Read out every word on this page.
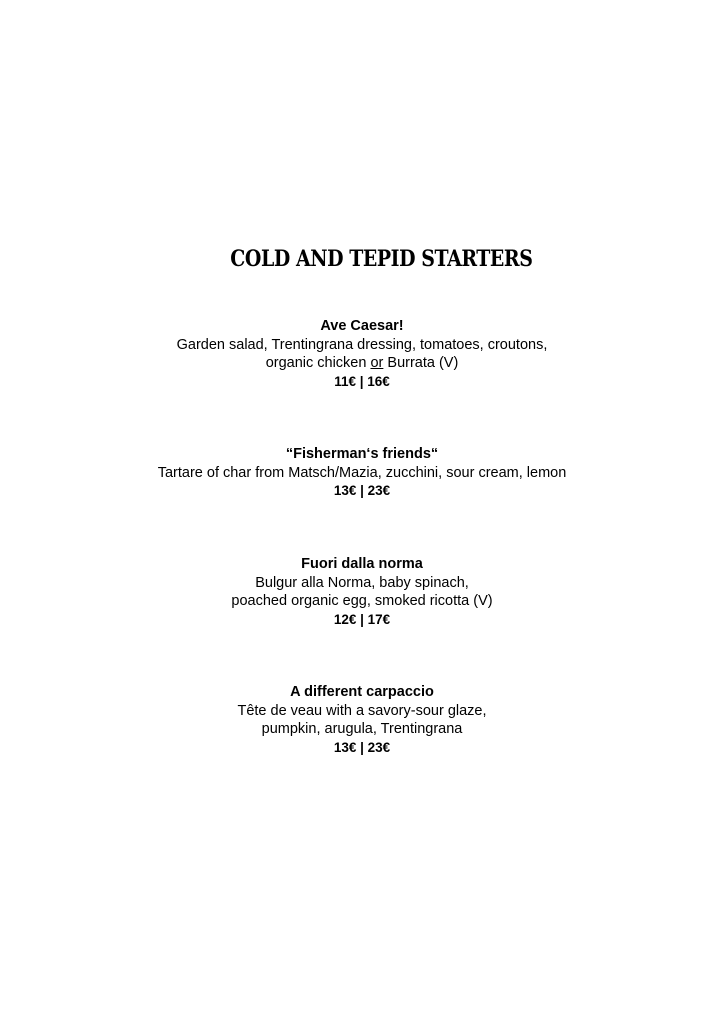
COLD AND TEPID STARTERS
Ave Caesar!
Garden salad, Trentingrana dressing, tomatoes, croutons,
organic chicken or Burrata (V)
11€ | 16€
“Fisherman‘s friends“
Tartare of char from Matsch/Mazia, zucchini, sour cream, lemon
13€ | 23€
Fuori dalla norma
Bulgur alla Norma, baby spinach,
poached organic egg, smoked ricotta (V)
12€ | 17€
A different carpaccio
Tête de veau with a savory-sour glaze,
pumpkin, arugula, Trentingrana
13€ | 23€
